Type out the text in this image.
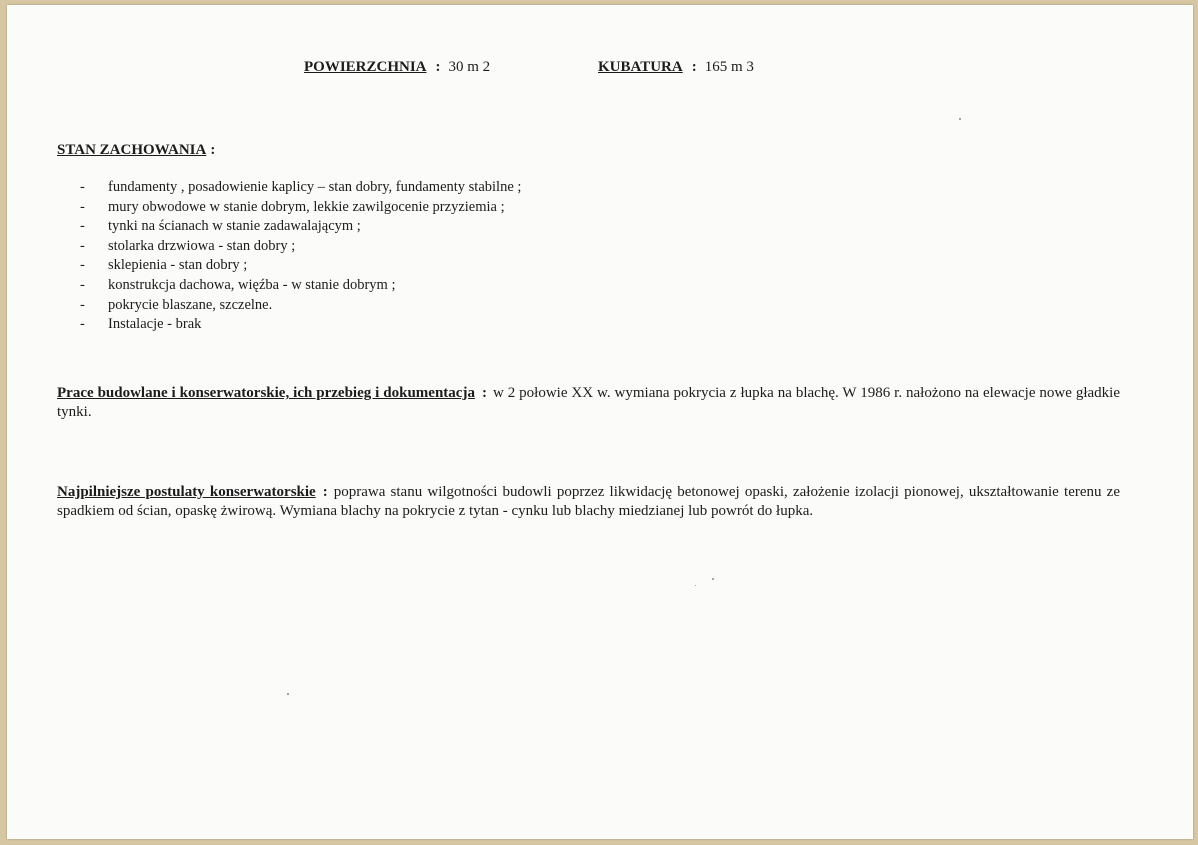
POWIERZCHNIA : 30 m 2	KUBATURA : 165 m 3
STAN ZACHOWANIA :
- fundamenty , posadowienie kaplicy – stan dobry, fundamenty stabilne ;
- mury obwodowe w stanie dobrym, lekkie zawilgocenie przyziemia ;
- tynki na ścianach w stanie zadawalającym ;
- stolarka drzwiowa - stan dobry ;
- sklepienia - stan dobry ;
- konstrukcja dachowa, więźba - w stanie dobrym ;
- pokrycie blaszane, szczelne.
- Instalacje - brak

Prace budowlane i konserwatorskie, ich przebieg i dokumentacja : w 2 połowie XX w. wymiana pokrycia z łupka na blachę. W 1986 r. nałożono na elewacje nowe gładkie tynki.

Najpilniejsze postulaty konserwatorskie : poprawa stanu wilgotności budowli poprzez likwidację betonowej opaski, założenie izolacji pionowej, ukształtowanie terenu ze spadkiem od ścian, opaskę żwirową. Wymiana blachy na pokrycie z tytan - cynku lub blachy miedzianej lub powrót do łupka.
